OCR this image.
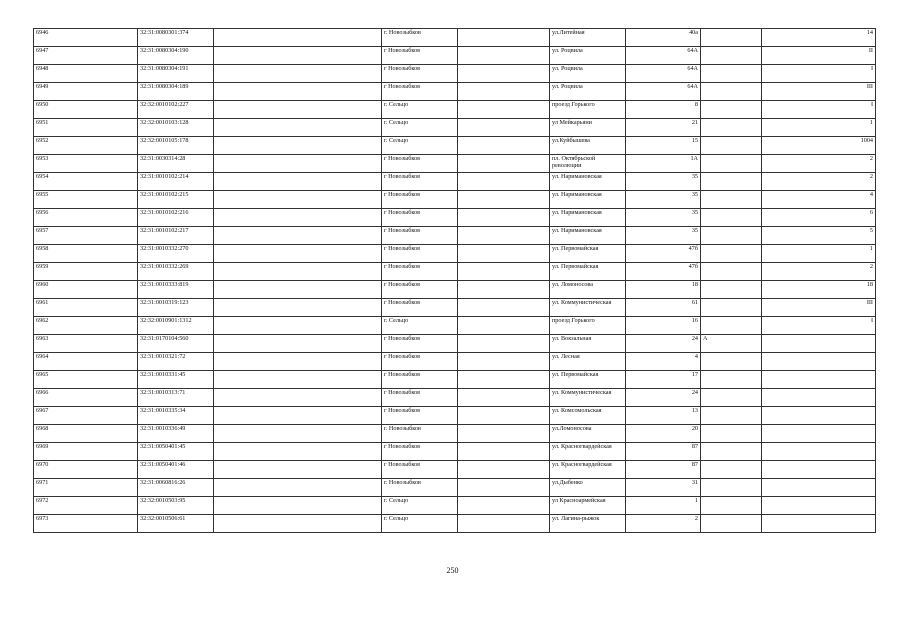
6946	32:31:0080301:374		г. Новозыбков		ул.Литейная	40а		14
6947	32:31:0080304:190		г Новозыбков		ул. Роцвила	64А		II
6948	32:31:0080304:191		г Новозыбков		ул. Роцвила	64А		I
6949	32:31:0080304:189		г Новозыбков		ул. Роцвила	64А		III
6950	32:32:0010102:227		г. Сельцо		проезд Горького	8		I
6951	32:32:0010103:128		г. Сельцо		ул Мейкарьяни	21		1
6952	32:32:0010105:178		г. Сельцо		ул.Куйбышева	15		1004
6953	32:31:0030314:28		г Новозыбков		пл. Октябрьской революции	1А		2
6954	32:31:0010102:214		г Новозыбков		ул. Наримановская	35		2
6955	32:31:0010102:215		г Новозыбков		ул. Наримановская	35		4
6956	32:31:0010102:216		г Новозыбков		ул. Наримановская	35		6
6957	32:31:0010102:217		г Новозыбков		ул. Наримановская	35		5
6958	32:31:0010332:270		г Новозыбков		ул. Первомайская	47б		1
6959	32:31:0010332:269		г Новозыбков		ул. Первомайская	47б		2
6960	32:31:0010333:819		г Новозыбков		ул. Ломоносова	18		18
6961	32:31:0010319:123		г Новозыбков		ул. Коммунистическая	61		III
6962	32:32:0010901:1312		г. Сельцо		проезд Горького	16		I
6963	32:31:0170104:560		г Новозыбков		ул. Вокзальная	24	А	
6964	32:31:0010321:72		г Новозыбков		ул. Лесная	4		
6965	32:31:0010331:45		г Новозыбков		ул. Первомайская	17		
6966	32:31:0010313:71		г Новозыбков		ул. Коммунистическая	24		
6967	32:31:0010335:34		г Новозыбков		ул. Комсомольская	13		
6968	32:31:0010336:49		г. Новозыбков		ул.Ломоносова	20		
6969	32:31:0050401:45		г Новозыбков		ул. Красногвардейская	87		
6970	32:31:0050401:46		г Новозыбков		ул. Красногвардейская	87		
6971	32:31:0060816:26		г. Новозыбков		ул.Дыбенко	31		
6972	32:32:0010503:95		г. Сельцо		ул Красноармейская	1		
6973	32:32:0010506:61		г. Сельцо		ул. Лагина-рыжок	2		
250
